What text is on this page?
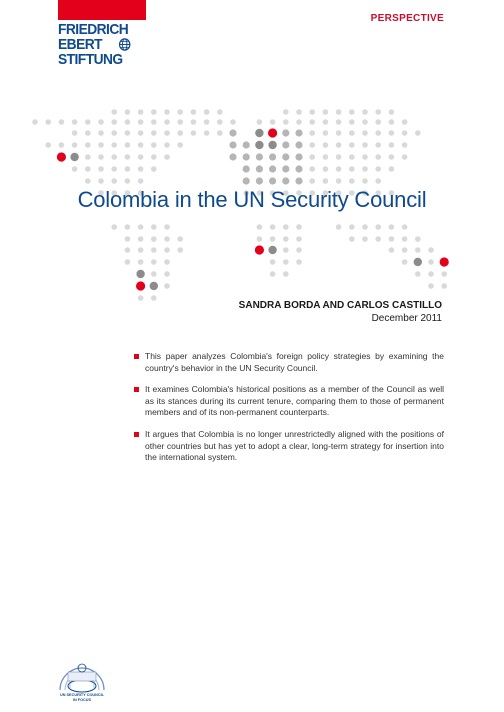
FRIEDRICH
EBERT
STIFTUNG
PERSPECTIVE
Colombia in the UN Security Council
SANDRA BORDA AND CARLOS CASTILLO
December 2011
This paper analyzes Colombia's foreign policy strategies by examining the country's behavior in the UN Security Council.
It examines Colombia's historical positions as a member of the Council as well as its stances during its current tenure, comparing them to those of permanent members and of its non-permanent counterparts.
It argues that Colombia is no longer unrestrictedly aligned with the positions of other countries but has yet to adopt a clear, long-term strategy for insertion into the international system.
UN SECURITY COUNCIL
IN FOCUS
